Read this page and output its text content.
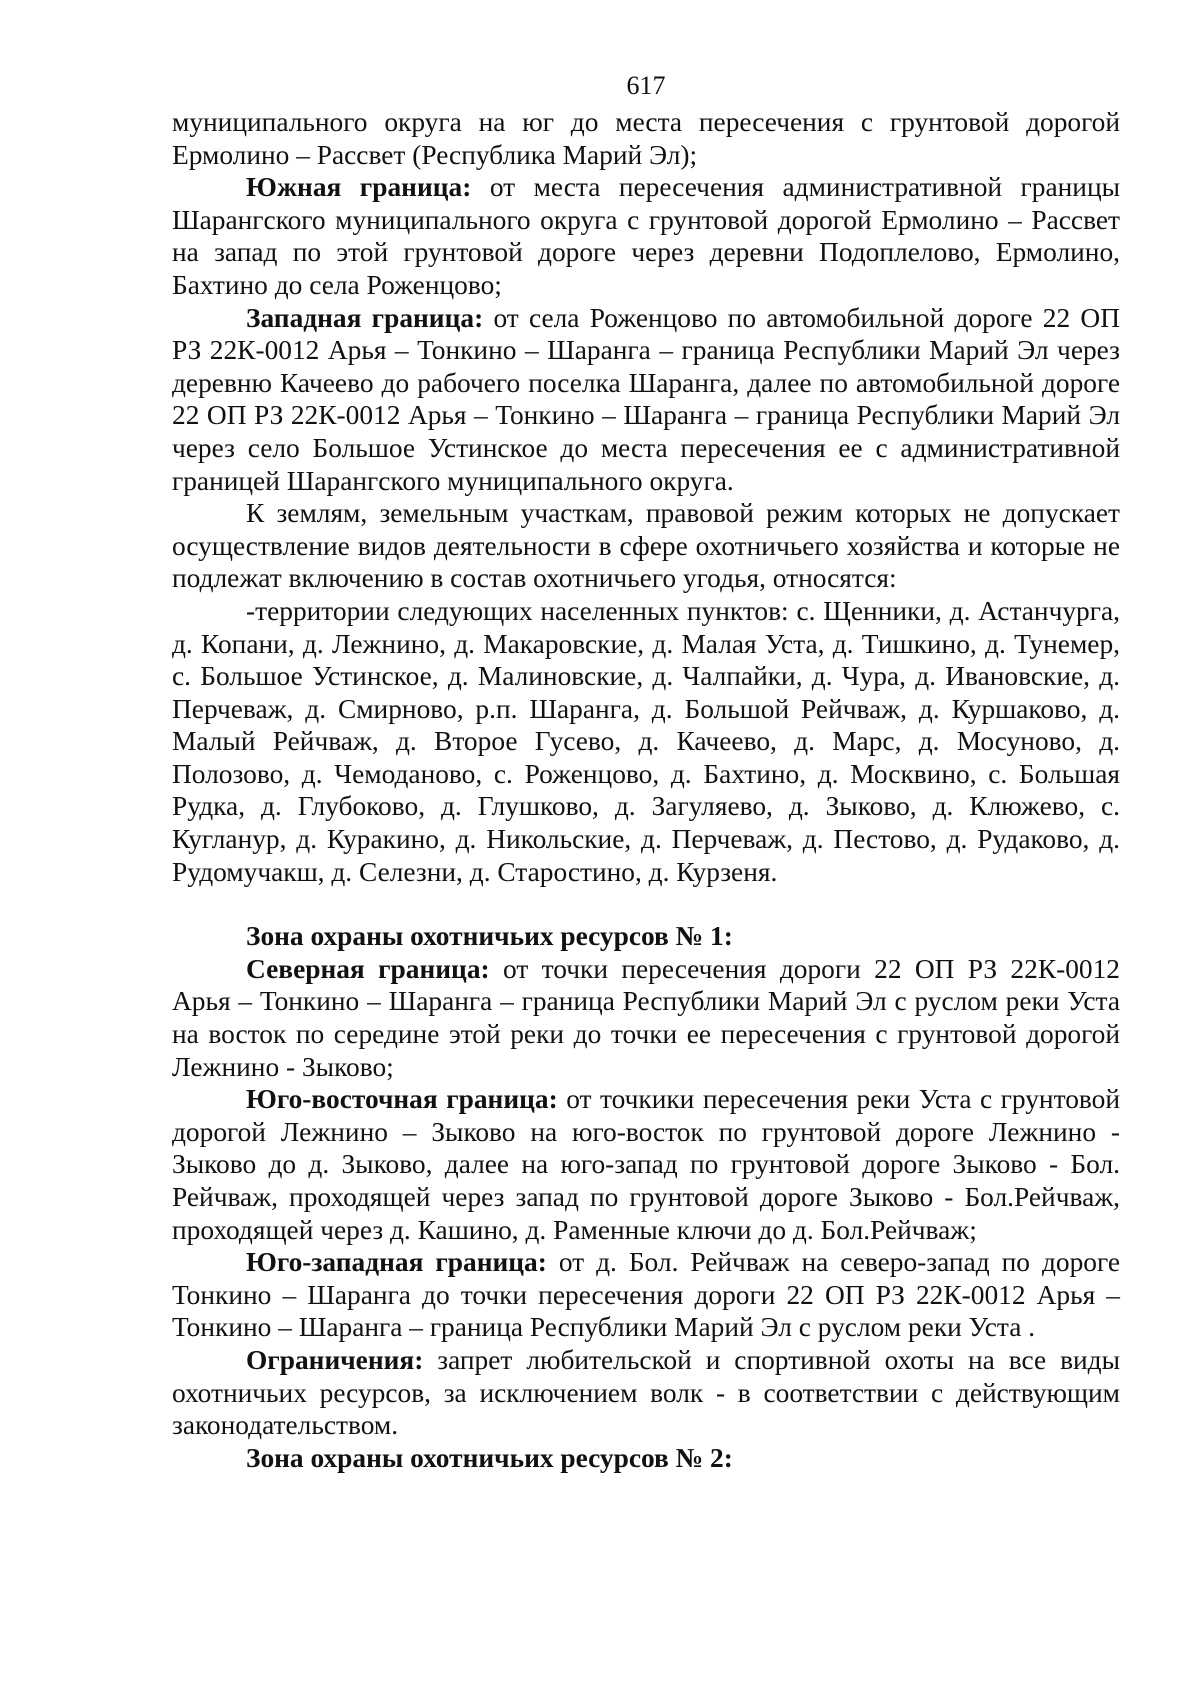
617

муниципального округа на юг до места пересечения с грунтовой дорогой Ермолино – Рассвет (Республика Марий Эл);

Южная граница: от места пересечения административной границы Шарангского муниципального округа с грунтовой дорогой Ермолино – Рассвет на запад по этой грунтовой дороге через деревни Подоплелово, Ермолино, Бахтино до села Роженцово;

Западная граница: от села Роженцово по автомобильной дороге 22 ОП РЗ 22К-0012 Арья – Тонкино – Шаранга – граница Республики Марий Эл через деревню Качеево до рабочего поселка Шаранга, далее по автомобильной дороге 22 ОП РЗ 22К-0012 Арья – Тонкино – Шаранга – граница Республики Марий Эл через село Большое Устинское до места пересечения ее с административной границей Шарангского муниципального округа.

К землям, земельным участкам, правовой режим которых не допускает осуществление видов деятельности в сфере охотничьего хозяйства и которые не подлежат включению в состав охотничьего угодья, относятся:

-территории следующих населенных пунктов: с. Щенники, д. Астанчурга, д. Копани, д. Лежнино, д. Макаровские, д. Малая Уста, д. Тишкино, д. Тунемер, с. Большое Устинское, д. Малиновские, д. Чалпайки, д. Чура, д. Ивановские, д. Перчеваж, д. Смирново, р.п. Шаранга, д. Большой Рейчваж, д. Куршаково, д. Малый Рейчваж, д. Второе Гусево, д. Качеево, д. Марс, д. Мосуново, д. Полозово, д. Чемоданово, с. Роженцово, д. Бахтино, д. Москвино, с. Большая Рудка, д. Глубоково, д. Глушково, д. Загуляево, д. Зыково, д. Клюжево, с. Кугланур, д. Куракино, д. Никольские, д. Перчеваж, д. Пестово, д. Рудаково, д. Рудомучакш, д. Селезни, д. Старостино, д. Курзеня.

Зона охраны охотничьих ресурсов № 1:

Северная граница: от точки пересечения дороги 22 ОП РЗ 22К-0012 Арья – Тонкино – Шаранга – граница Республики Марий Эл с руслом реки Уста на восток по середине этой реки до точки ее пересечения с грунтовой дорогой Лежнино - Зыково;

Юго-восточная граница: от точкики пересечения реки Уста с грунтовой дорогой Лежнино – Зыково на юго-восток по грунтовой дороге Лежнино - Зыково до д. Зыково, далее на юго-запад по грунтовой дороге Зыково - Бол. Рейчваж, проходящей через запад по грунтовой дороге Зыково - Бол.Рейчваж, проходящей через д. Кашино, д. Раменные ключи до д. Бол.Рейчваж;

Юго-западная граница: от д. Бол. Рейчваж на северо-запад по дороге Тонкино – Шаранга до точки пересечения дороги 22 ОП РЗ 22К-0012 Арья – Тонкино – Шаранга – граница Республики Марий Эл с руслом реки Уста .

Ограничения: запрет любительской и спортивной охоты на все виды охотничьих ресурсов, за исключением волк - в соответствии с действующим законодательством.

Зона охраны охотничьих ресурсов № 2:
